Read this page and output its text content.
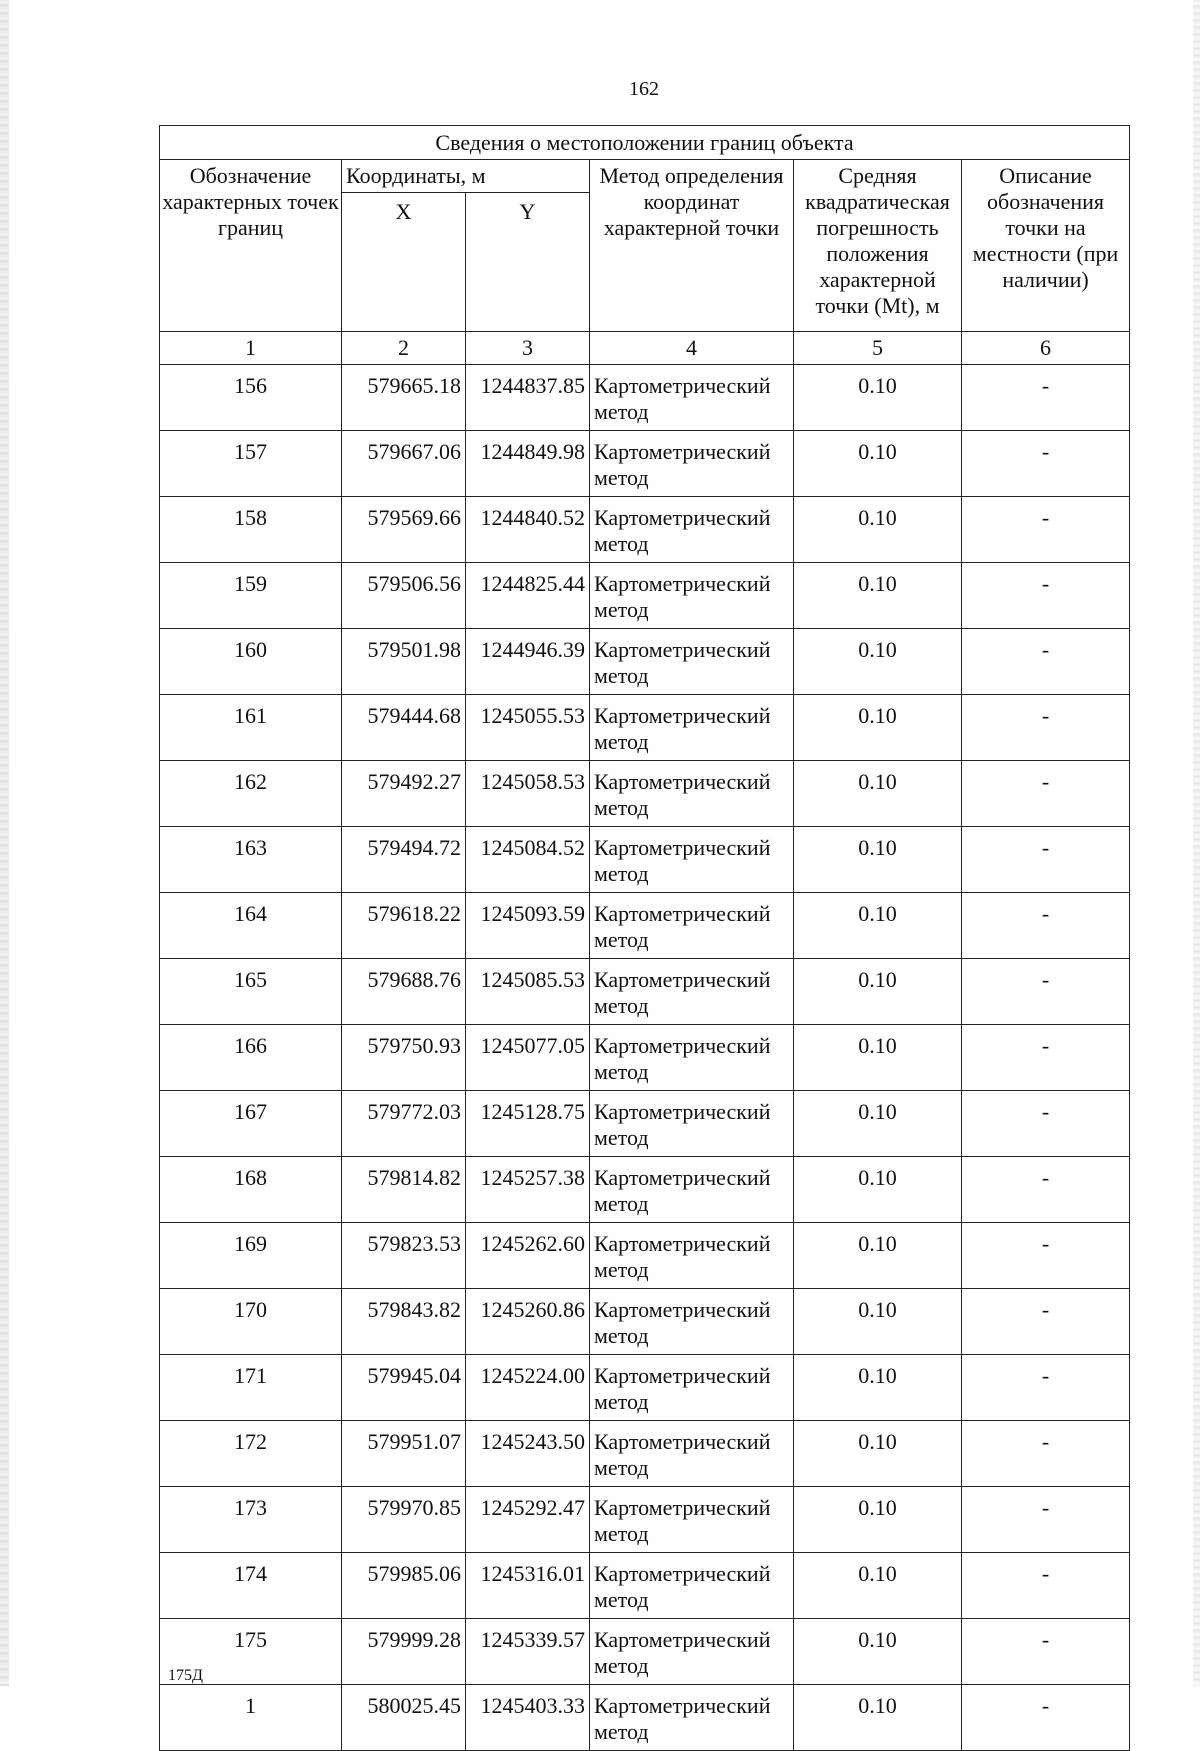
162
Сведения о местоположении границ объекта					
Обозначение характерных точек границ	Координаты, м		Метод определения координат характерной точки	Средняя квадратическая погрешность положения характерной точки (Mt), м	Описание обозначения точки на местности (при наличии)
	X	Y			
1	2	3	4	5	6
156	579665.18	1244837.85	Картометрический метод	0.10	-
157	579667.06	1244849.98	Картометрический метод	0.10	-
158	579569.66	1244840.52	Картометрический метод	0.10	-
159	579506.56	1244825.44	Картометрический метод	0.10	-
160	579501.98	1244946.39	Картометрический метод	0.10	-
161	579444.68	1245055.53	Картометрический метод	0.10	-
162	579492.27	1245058.53	Картометрический метод	0.10	-
163	579494.72	1245084.52	Картометрический метод	0.10	-
164	579618.22	1245093.59	Картометрический метод	0.10	-
165	579688.76	1245085.53	Картометрический метод	0.10	-
166	579750.93	1245077.05	Картометрический метод	0.10	-
167	579772.03	1245128.75	Картометрический метод	0.10	-
168	579814.82	1245257.38	Картометрический метод	0.10	-
169	579823.53	1245262.60	Картометрический метод	0.10	-
170	579843.82	1245260.86	Картометрический метод	0.10	-
171	579945.04	1245224.00	Картометрический метод	0.10	-
172	579951.07	1245243.50	Картометрический метод	0.10	-
173	579970.85	1245292.47	Картометрический метод	0.10	-
174	579985.06	1245316.01	Картометрический метод	0.10	-
175	579999.28	1245339.57	Картометрический метод	0.10	-
1	580025.45	1245403.33	Картометрический метод	0.10	-
175Д
